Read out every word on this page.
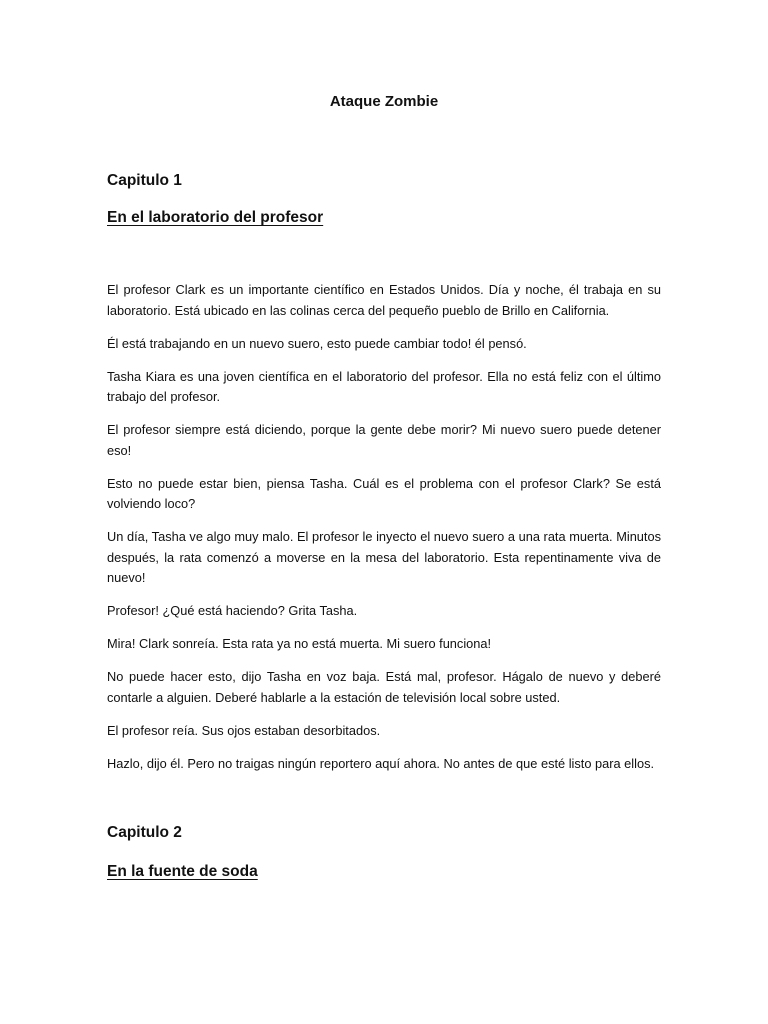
Ataque Zombie
Capitulo 1
En el laboratorio del profesor

El profesor Clark es un importante científico en Estados Unidos. Día y noche, él trabaja en su laboratorio. Está ubicado en las colinas cerca del pequeño pueblo de Brillo en California.

Él está trabajando en un nuevo suero, esto puede cambiar todo! él pensó.

Tasha Kiara es una joven científica en el laboratorio del profesor. Ella no está feliz con el último trabajo del profesor.

El profesor siempre está diciendo, porque la gente debe morir? Mi nuevo suero puede detener eso!

Esto no puede estar bien, piensa Tasha. Cuál es el problema con el profesor Clark? Se está volviendo loco?

Un día, Tasha ve algo muy malo. El profesor le inyecto el nuevo suero a una rata muerta. Minutos después, la rata comenzó a moverse en la mesa del laboratorio. Esta repentinamente viva de nuevo!

Profesor! ¿Qué está haciendo? Grita Tasha.

Mira! Clark sonreía. Esta rata ya no está muerta. Mi suero funciona!

No puede hacer esto, dijo Tasha en voz baja. Está mal, profesor. Hágalo de nuevo y deberé contarle a alguien. Deberé hablarle a la estación de televisión local sobre usted.

El profesor reía. Sus ojos estaban desorbitados.

Hazlo, dijo él. Pero no traigas ningún reportero aquí ahora. No antes de que esté listo para ellos.

Capitulo 2
En la fuente de soda
